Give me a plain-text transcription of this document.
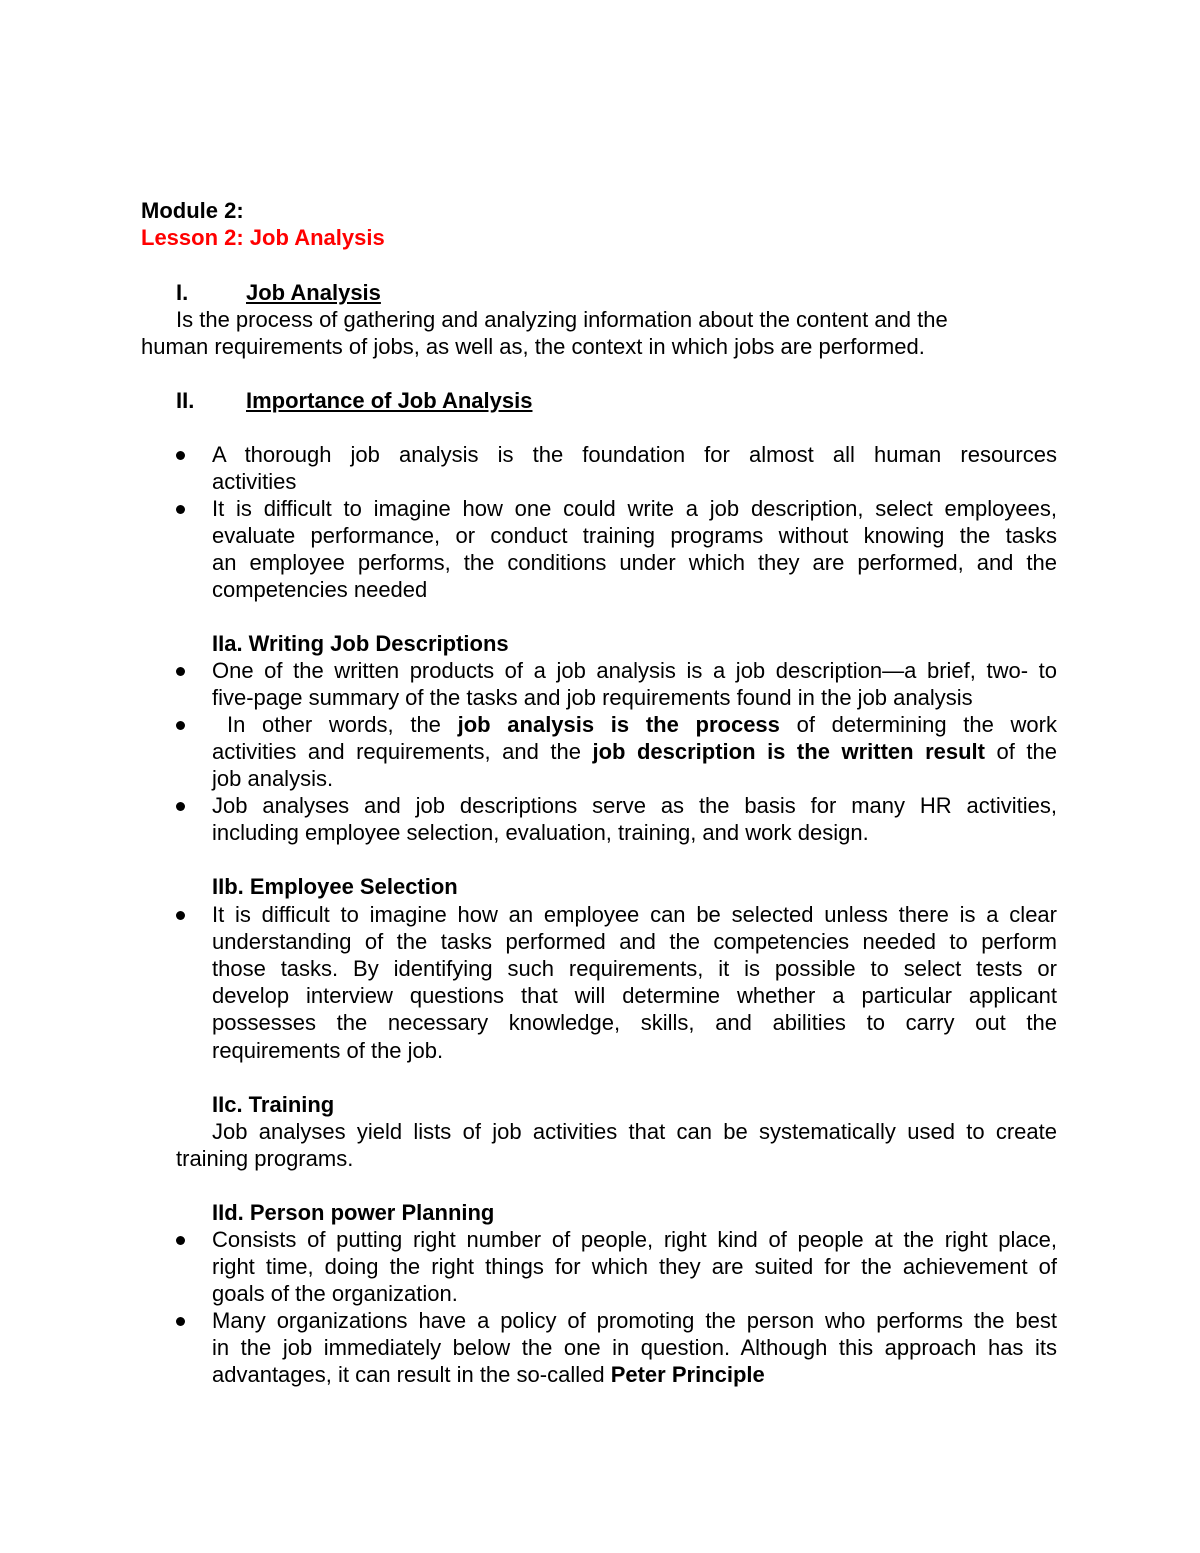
Module 2:
Lesson 2: Job Analysis
I.	Job Analysis
Is the process of gathering and analyzing information about the content and the
human requirements of jobs, as well as, the context in which jobs are performed.
II. Importance of Job Analysis
A thorough job analysis is the foundation for almost all human resources
activities
It is difficult to imagine how one could write a job description, select employees,
evaluate performance, or conduct training programs without knowing the tasks
an employee performs, the conditions under which they are performed, and the
competencies needed
IIa. Writing Job Descriptions
One of the written products of a job analysis is a job description—a brief, two- to
five-page summary of the tasks and job requirements found in the job analysis
In other words, the job analysis is the process of determining the work
activities and requirements, and the job description is the written result of the
job analysis.
Job analyses and job descriptions serve as the basis for many HR activities,
including employee selection, evaluation, training, and work design.
IIb. Employee Selection
It is difficult to imagine how an employee can be selected unless there is a clear
understanding of the tasks performed and the competencies needed to perform
those tasks. By identifying such requirements, it is possible to select tests or
develop interview questions that will determine whether a particular applicant
possesses the necessary knowledge, skills, and abilities to carry out the
requirements of the job.
IIc. Training
Job analyses yield lists of job activities that can be systematically used to create
training programs.
IId. Person power Planning
Consists of putting right number of people, right kind of people at the right place,
right time, doing the right things for which they are suited for the achievement of
goals of the organization.
Many organizations have a policy of promoting the person who performs the best
in the job immediately below the one in question. Although this approach has its
advantages, it can result in the so-called Peter Principle
